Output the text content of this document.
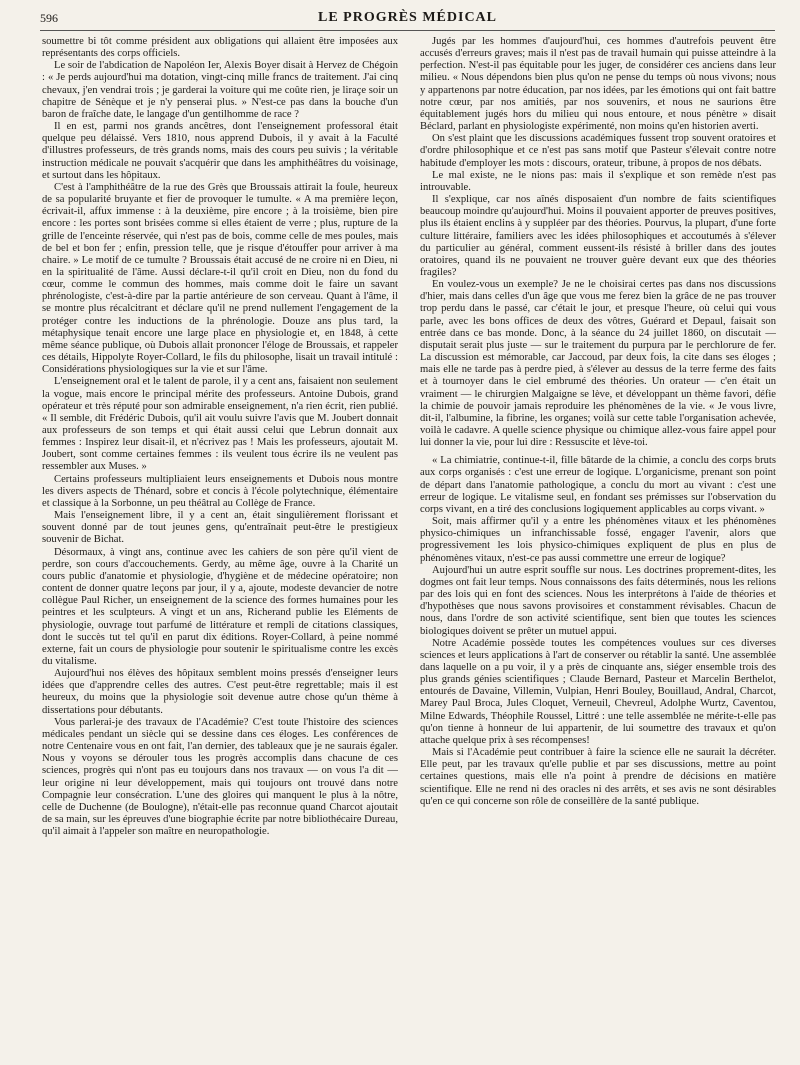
596	LE PROGRÈS MÉDICAL

soumettre bi tôt comme président aux obligations qui allaient être imposées aux représentants des corps officiels.

Le soir de l'abdication de Napoléon Ier, Alexis Boyer disait à Hervez de Chégoin : « Je perds aujourd'hui ma dotation, vingt-cinq mille francs de traitement. J'ai cinq chevaux, j'en vendrai trois ; je garderai la voiture qui me coûte rien, je liraçe soir un chapitre de Sénèque et je n'y penserai plus. » N'est-ce pas dans la bouche d'un baron de fraîche date, le langage d'un gentilhomme de race ?

Il en est, parmi nos grands ancêtres, dont l'enseignement professoral était quelque peu délaissé. Vers 1810, nous apprend Dubois, il y avait à la Faculté d'illustres professeurs, de très grands noms, mais des cours peu suivis ; la véritable instruction médicale ne pouvait s'acquérir que dans les amphithéâtres du voisinage, et surtout dans les hôpitaux.

C'est à l'amphithéâtre de la rue des Grès que Broussais attirait la foule, heureux de sa popularité bruyante et fier de provoquer le tumulte. « A ma première leçon, écrivait-il, affux immense : à la deuxième, pire encore ; à la troisième, bien pire encore : les portes sont brisées comme si elles étaient de verre ; plus, rupture de la grille de l'enceinte réservée, qui n'est pas de bois, comme celle de mes poules, mais de bel et bon fer ; enfin, pression telle, que je risque d'étouffer pour arriver à ma chaire. » Le motif de ce tumulte ? Broussais était accusé de ne croire ni en Dieu, ni en la spiritualité de l'âme. Aussi déclare-t-il qu'il croit en Dieu, non du fond du cœur, comme le commun des hommes, mais comme doit le faire un savant phrénologiste, c'est-à-dire par la partie antérieure de son cerveau. Quant à l'âme, il se montre plus récalcitrant et déclare qu'il ne prend nullement l'engagement de la protéger contre les inductions de la phrénologie. Douze ans plus tard, la métaphysique tenait encore une large place en physiologie et, en 1848, à cette même séance publique, où Dubois allait prononcer l'éloge de Broussais, et rappeler ces détails, Hippolyte Royer-Collard, le fils du philosophe, lisait un travail intitulé : Considérations physiologiques sur la vie et sur l'âme.

L'enseignement oral et le talent de parole, il y a cent ans, faisaient non seulement la vogue, mais encore le principal mérite des professeurs. Antoine Dubois, grand opérateur et très réputé pour son admirable enseignement, n'a rien écrit, rien publié. « Il semble, dit Frédéric Dubois, qu'il ait voulu suivre l'avis que M. Joubert donnait aux professeurs de son temps et qui était aussi celui que Lebrun donnait aux femmes : Inspirez leur disait-il, et n'écrivez pas ! Mais les professeurs, ajoutait M. Joubert, sont comme certaines femmes : ils veulent tous écrire ils ne veulent pas ressembler aux Muses. »

Certains professeurs multipliaient leurs enseignements et Dubois nous montre les divers aspects de Thénard, sobre et concis à l'école polytechnique, élémentaire et classique à la Sorbonne, un peu théâtral au Collège de France.

Mais l'enseignement libre, il y a cent an, était singulièrement florissant et souvent donné par de tout jeunes gens, qu'entraînait peut-être le prestigieux souvenir de Bichat.

Désormaux, à vingt ans, continue avec les cahiers de son père qu'il vient de perdre, son cours d'accouchements. Gerdy, au même âge, ouvre à la Charité un cours public d'anatomie et physiologie, d'hygiène et de médecine opératoire; non content de donner quatre leçons par jour, il y a, ajoute, modeste devancier de notre collègue Paul Richer, un enseignement de la science des formes humaines pour les peintres et les sculpteurs. A vingt et un ans, Richerand publie les Eléments de physiologie, ouvrage tout parfumé de littérature et rempli de citations classiques, dont le succès tut tel qu'il en parut dix éditions. Royer-Collard, à peine nommé externe, fait un cours de physiologie pour soutenir le spiritualisme contre les excès du vitalisme.

Aujourd'hui nos élèves des hôpitaux semblent moins pressés d'enseigner leurs idées que d'apprendre celles des autres. C'est peut-être regrettable; mais il est heureux, du moins que la physiologie soit devenue autre chose qu'un thème à dissertations pour débutants.

Vous parlerai-je des travaux de l'Académie? C'est toute l'histoire des sciences médicales pendant un siècle qui se dessine dans ces éloges. Les conférences de notre Centenaire vous en ont fait, l'an dernier, des tableaux que je ne saurais égaler. Nous y voyons se dérouler tous les progrès accomplis dans chacune de ces sciences, progrès qui n'ont pas eu toujours dans nos travaux — on vous l'a dit — leur origine ni leur développement, mais qui toujours ont trouvé dans notre Compagnie leur consécration. L'une des gloires qui manquent le plus à la nôtre, celle de Duchenne (de Boulogne), n'était-elle pas reconnue quand Charcot ajoutait de sa main, sur les épreuves d'une biographie écrite par notre bibliothécaire Dureau, qu'il aimait à l'appeler son maître en neuropathologie.

Jugés par les hommes d'aujourd'hui, ces hommes d'autrefois peuvent être accusés d'erreurs graves; mais il n'est pas de travail humain qui puisse atteindre à la perfection. N'est-il pas équitable pour les juger, de considérer ces anciens dans leur milieu. « Nous dépendons bien plus qu'on ne pense du temps où nous vivons; nous y appartenons par notre éducation, par nos idées, par les émotions qui ont fait battre notre cœur, par nos amitiés, par nos souvenirs, et nous ne saurions être équitablement jugés hors du milieu qui nous entoure, et nous pénètre » disait Béclard, parlant en physiologiste expérimenté, non moins qu'en historien averti.

On s'est plaint que les discussions académiques fussent trop souvent oratoires et d'ordre philosophique et ce n'est pas sans motif que Pasteur s'élevait contre notre habitude d'employer les mots : discours, orateur, tribune, à propos de nos débats.

Le mal existe, ne le nions pas: mais il s'explique et son remède n'est pas introuvable.

Il s'explique, car nos aînés disposaient d'un nombre de faits scientifiques beaucoup moindre qu'aujourd'hui. Moins il pouvaient apporter de preuves positives, plus ils étaient enclins à y suppléer par des théories. Pourvus, la plupart, d'une forte culture littéraire, familiers avec les idées philosophiques et accoutumés à s'élever du particulier au général, comment eussent-ils résisté à briller dans des joutes oratoires, quand ils ne pouvaient ne trouver guère devant eux que des théories fragiles?

En voulez-vous un exemple? Je ne le choisirai certes pas dans nos discussions d'hier, mais dans celles d'un âge que vous me ferez bien la grâce de ne pas trouver trop perdu dans le passé, car c'était le jour, et presque l'heure, où celui qui vous parle, avec les bons offices de deux des vôtres, Guérard et Depaul, faisait son entrée dans ce bas monde. Donc, à la séance du 24 juillet 1860, on discutait — disputait serait plus juste — sur le traitement du purpura par le perchlorure de fer. La discussion est mémorable, car Jaccoud, par deux fois, la cite dans ses éloges ; mais elle ne tarde pas à perdre pied, à s'élever au dessus de la terre ferme des faits et à tournoyer dans le ciel embrumé des théories. Un orateur — c'en était un vraiment — le chirurgien Malgaigne se lève, et développant un thème favori, défie la chimie de pouvoir jamais reproduire les phénomènes de la vie. « Je vous livre, dit-il, l'albumine, la fibrine, les organes; voilà sur cette table l'organisation achevée, voilà le cadavre. A quelle science physique ou chimique allez-vous faire appel pour lui donner la vie, pour lui dire : Ressuscite et lève-toi.

« La chimiatrie, continue-t-il, fille bâtarde de la chimie, a conclu des corps bruts aux corps organisés : c'est une erreur de logique. L'organicisme, prenant son point de départ dans l'anatomie pathologique, a conclu du mort au vivant : c'est une erreur de logique. Le vitalisme seul, en fondant ses prémisses sur l'observation du corps vivant, en a tiré des conclusions logiquement applicables au corps vivant. »

Soit, mais affirmer qu'il y a entre les phénomènes vitaux et les phénomènes physico-chimiques un infranchissable fossé, engager l'avenir, alors que progressivement les lois physico-chimiques expliquent de plus en plus de phénomènes vitaux, n'est-ce pas aussi commettre une erreur de logique?

Aujourd'hui un autre esprit souffle sur nous. Les doctrines proprement-dites, les dogmes ont fait leur temps. Nous connaissons des faits déterminés, nous les relions par des lois qui en font des sciences. Nous les interprétons à l'aide de théories et d'hypothèses que nous savons provisoires et constamment révisables. Chacun de nous, dans l'ordre de son activité scientifique, sent bien que toutes les sciences biologiques doivent se prêter un mutuel appui.

Notre Académie possède toutes les compétences voulues sur ces diverses sciences et leurs applications à l'art de conserver ou rétablir la santé. Une assemblée dans laquelle on a pu voir, il y a près de cinquante ans, siéger ensemble trois des plus grands génies scientifiques ; Claude Bernard, Pasteur et Marcelin Berthelot, entourés de Davaine, Villemin, Vulpian, Henri Bouley, Bouillaud, Andral, Charcot, Marey Paul Broca, Jules Cloquet, Verneuil, Chevreul, Adolphe Wurtz, Caventou, Milne Edwards, Théophile Roussel, Littré : une telle assemblée ne mérite-t-elle pas qu'on tienne à honneur de lui appartenir, de lui soumettre des travaux et qu'on attache quelque prix à ses récompenses!

Mais si l'Académie peut contribuer à faire la science elle ne saurait la décréter. Elle peut, par les travaux qu'elle publie et par ses discussions, mettre au point certaines questions, mais elle n'a point à prendre de décisions en matière scientifique. Elle ne rend ni des oracles ni des arrêts, et ses avis ne sont désirables qu'en ce qui concerne son rôle de conseillère de la santé publique.
